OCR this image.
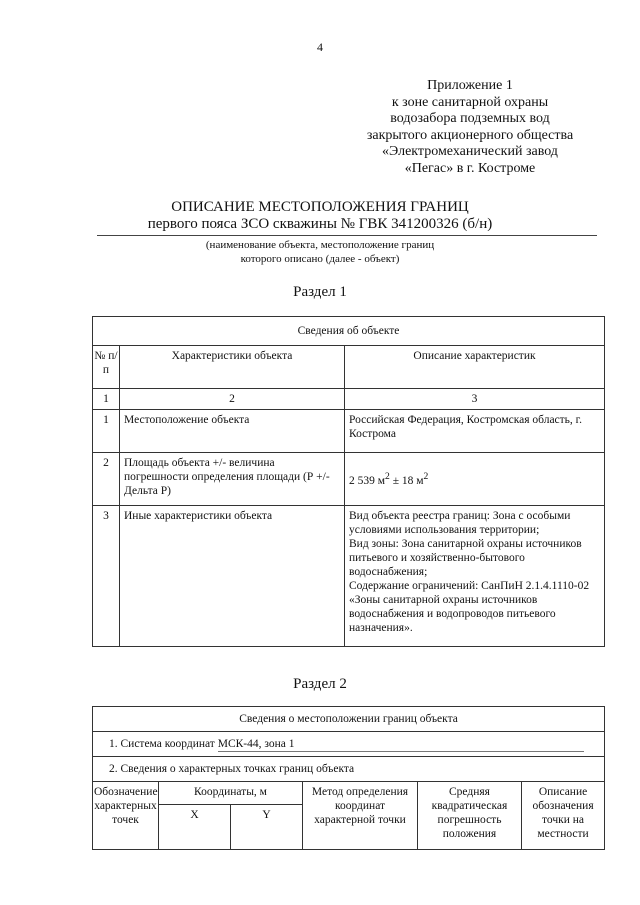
4
Приложение 1
к зоне санитарной охраны
водозабора подземных вод
закрытого акционерного общества
«Электромеханический завод
«Пегас» в г. Костроме
ОПИСАНИЕ МЕСТОПОЛОЖЕНИЯ ГРАНИЦ
первого пояса ЗСО скважины № ГВК 341200326 (б/н)
(наименование объекта, местоположение границ
которого описано (далее - объект)
Раздел 1
Сведения об объекте		
№ п/п	Характеристики объекта	Описание характеристик
1	2	3
1	Местоположение объекта	Российская Федерация, Костромская область, г. Кострома
2	Площадь объекта +/- величина погрешности определения площади (Р +/- Дельта Р)	2 539 $м^2 \pm 18$ $м^2$
3	Иные характеристики объекта	Вид объекта реестра границ: Зона с особыми условиями использования территории;
Вид зоны: Зона санитарной охраны источников питьевого и хозяйственно-бытового водоснабжения;
Содержание ограничений: СанПиН 2.1.4.1110-02 «Зоны санитарной охраны источников водоснабжения и водопроводов питьевого назначения».
Раздел 2
Сведения о местоположении границ объекта					
1. Система координат МСК-44, зона 1					
2. Сведения о характерных точках границ объекта					
Обозначение характерных точек	Координаты, м		Метод определения координат характерной точки	Средняя квадратическая погрешность положения	Описание обозначения точки на местности
	X	Y			
